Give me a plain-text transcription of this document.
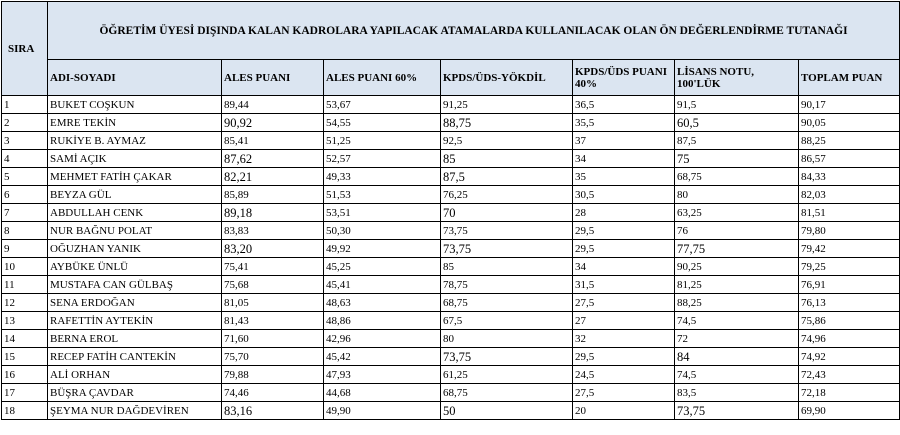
SIRA	ÖĞRETİM ÜYESİ DIŞINDA KALAN KADROLARA YAPILACAK ATAMALARDA KULLANILACAK OLAN ÖN DEĞERLENDİRME TUTANAĞI						
	ADI-SOYADI	ALES PUANI	ALES PUANI 60%	KPDS/ÜDS-YÖKDİL	KPDS/ÜDS PUANI 40%	LİSANS NOTU, 100'LÜK	TOPLAM PUAN
1	BUKET COŞKUN	89,44	53,67	91,25	36,5	91,5	90,17
2	EMRE TEKİN	90,92	54,55	88,75	35,5	60,5	90,05
3	RUKİYE B. AYMAZ	85,41	51,25	92,5	37	87,5	88,25
4	SAMİ AÇIK	87,62	52,57	85	34	75	86,57
5	MEHMET FATİH ÇAKAR	82,21	49,33	87,5	35	68,75	84,33
6	BEYZA GÜL	85,89	51,53	76,25	30,5	80	82,03
7	ABDULLAH CENK	89,18	53,51	70	28	63,25	81,51
8	NUR BAĞNU POLAT	83,83	50,30	73,75	29,5	76	79,80
9	OĞUZHAN YANIK	83,20	49,92	73,75	29,5	77,75	79,42
10	AYBÜKE ÜNLÜ	75,41	45,25	85	34	90,25	79,25
11	MUSTAFA CAN GÜLBAŞ	75,68	45,41	78,75	31,5	81,25	76,91
12	SENA ERDOĞAN	81,05	48,63	68,75	27,5	88,25	76,13
13	RAFETTİN AYTEKİN	81,43	48,86	67,5	27	74,5	75,86
14	BERNA EROL	71,60	42,96	80	32	72	74,96
15	RECEP FATİH CANTEKİN	75,70	45,42	73,75	29,5	84	74,92
16	ALİ ORHAN	79,88	47,93	61,25	24,5	74,5	72,43
17	BÜŞRA ÇAVDAR	74,46	44,68	68,75	27,5	83,5	72,18
18	ŞEYMA NUR DAĞDEVİREN	83,16	49,90	50	20	73,75	69,90
